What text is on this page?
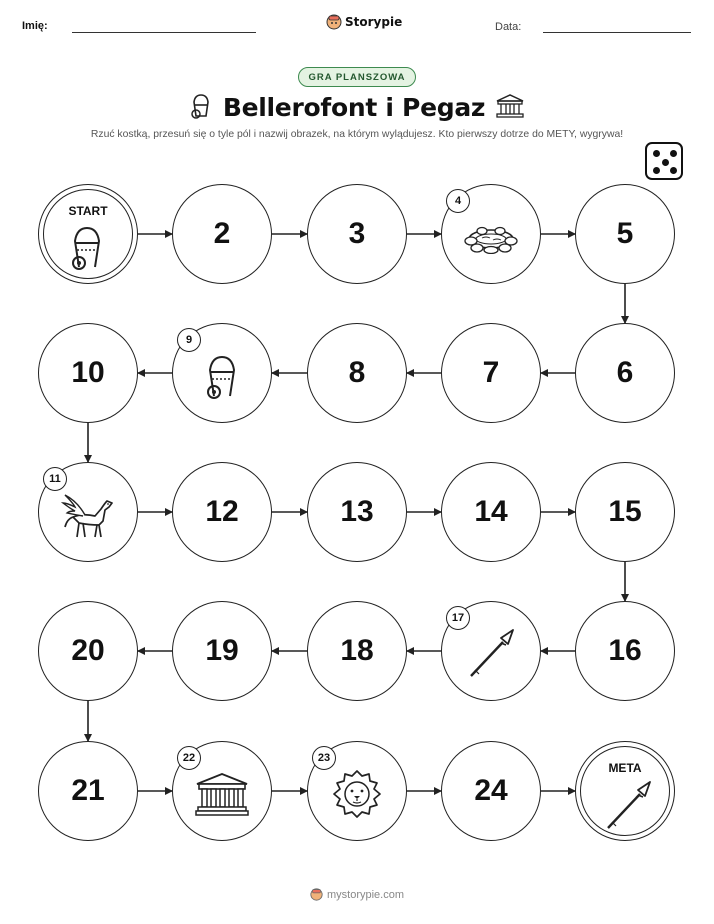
Imię:	Storypie	Data:
GRA PLANSZOWA
Bellerofont i Pegaz
Rzuć kostką, przesuń się o tyle pól i nazwij obrazek, na którym wylądujesz. Kto pierwszy dotrze do METY, wygrywa!
START
2	3
4
5
6
7
8
9
10
11
12	13	14	15
16
17
18
19
20
21
22	23
24
META
mystorypie.com
